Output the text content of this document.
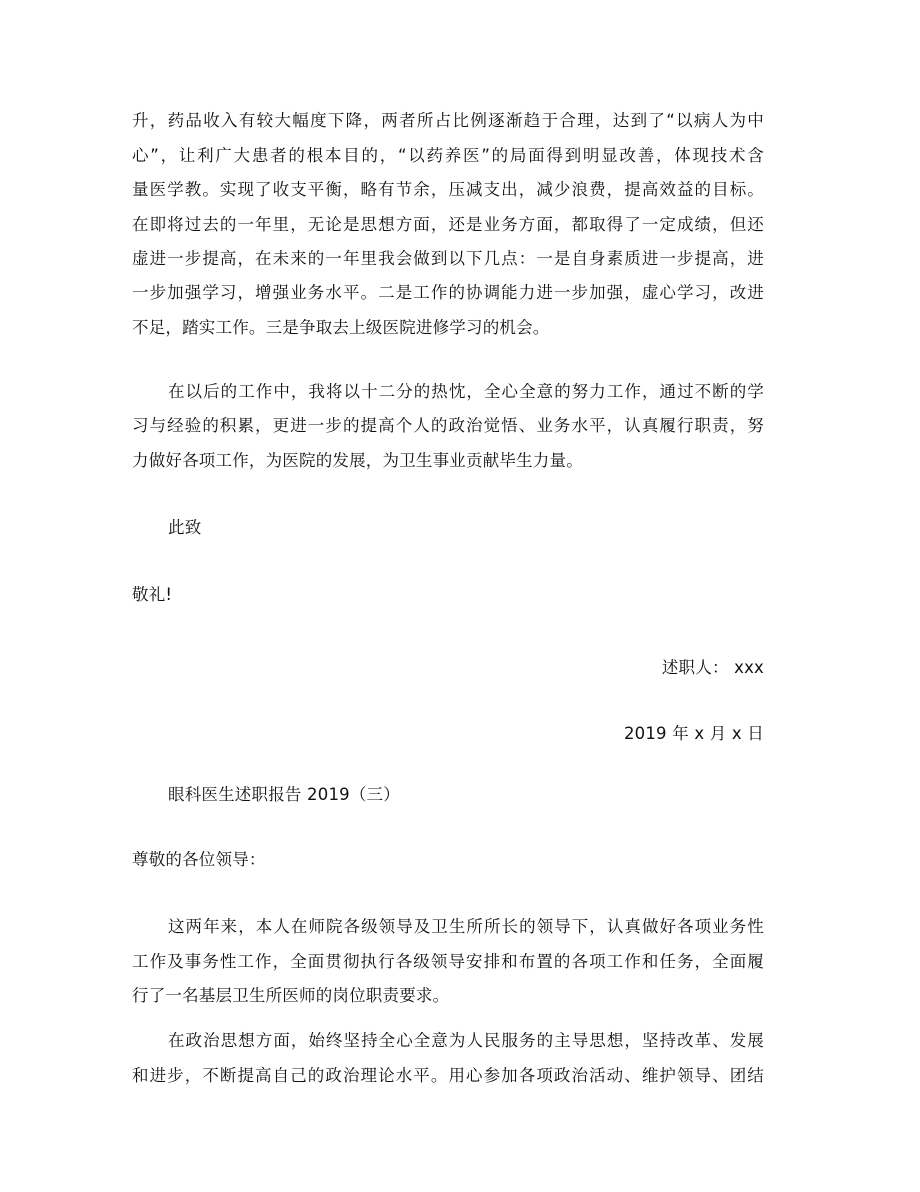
升，药品收入有较大幅度下降，两者所占比例逐渐趋于合理，达到了“以病人为中
心”，让利广大患者的根本目的，“以药养医”的局面得到明显改善，体现技术含
量医学教。实现了收支平衡，略有节余，压减支出，减少浪费，提高效益的目标。
在即将过去的一年里，无论是思想方面，还是业务方面，都取得了一定成绩，但还
虚进一步提高，在未来的一年里我会做到以下几点：一是自身素质进一步提高，进
一步加强学习，增强业务水平。二是工作的协调能力进一步加强，虚心学习，改进
不足，踏实工作。三是争取去上级医院进修学习的机会。
在以后的工作中，我将以十二分的热忱，全心全意的努力工作，通过不断的学
习与经验的积累，更进一步的提高个人的政治觉悟、业务水平，认真履行职责，努
力做好各项工作，为医院的发展，为卫生事业贡献毕生力量。
此致
敬礼!
述职人： xxx
2019 年 x 月 x 日
眼科医生述职报告 2019（三）
尊敬的各位领导：
这两年来，本人在师院各级领导及卫生所所长的领导下，认真做好各项业务性
工作及事务性工作，全面贯彻执行各级领导安排和布置的各项工作和任务，全面履
行了一名基层卫生所医师的岗位职责要求。
在政治思想方面，始终坚持全心全意为人民服务的主导思想，坚持改革、发展
和进步，不断提高自己的政治理论水平。用心参加各项政治活动、维护领导、团结
